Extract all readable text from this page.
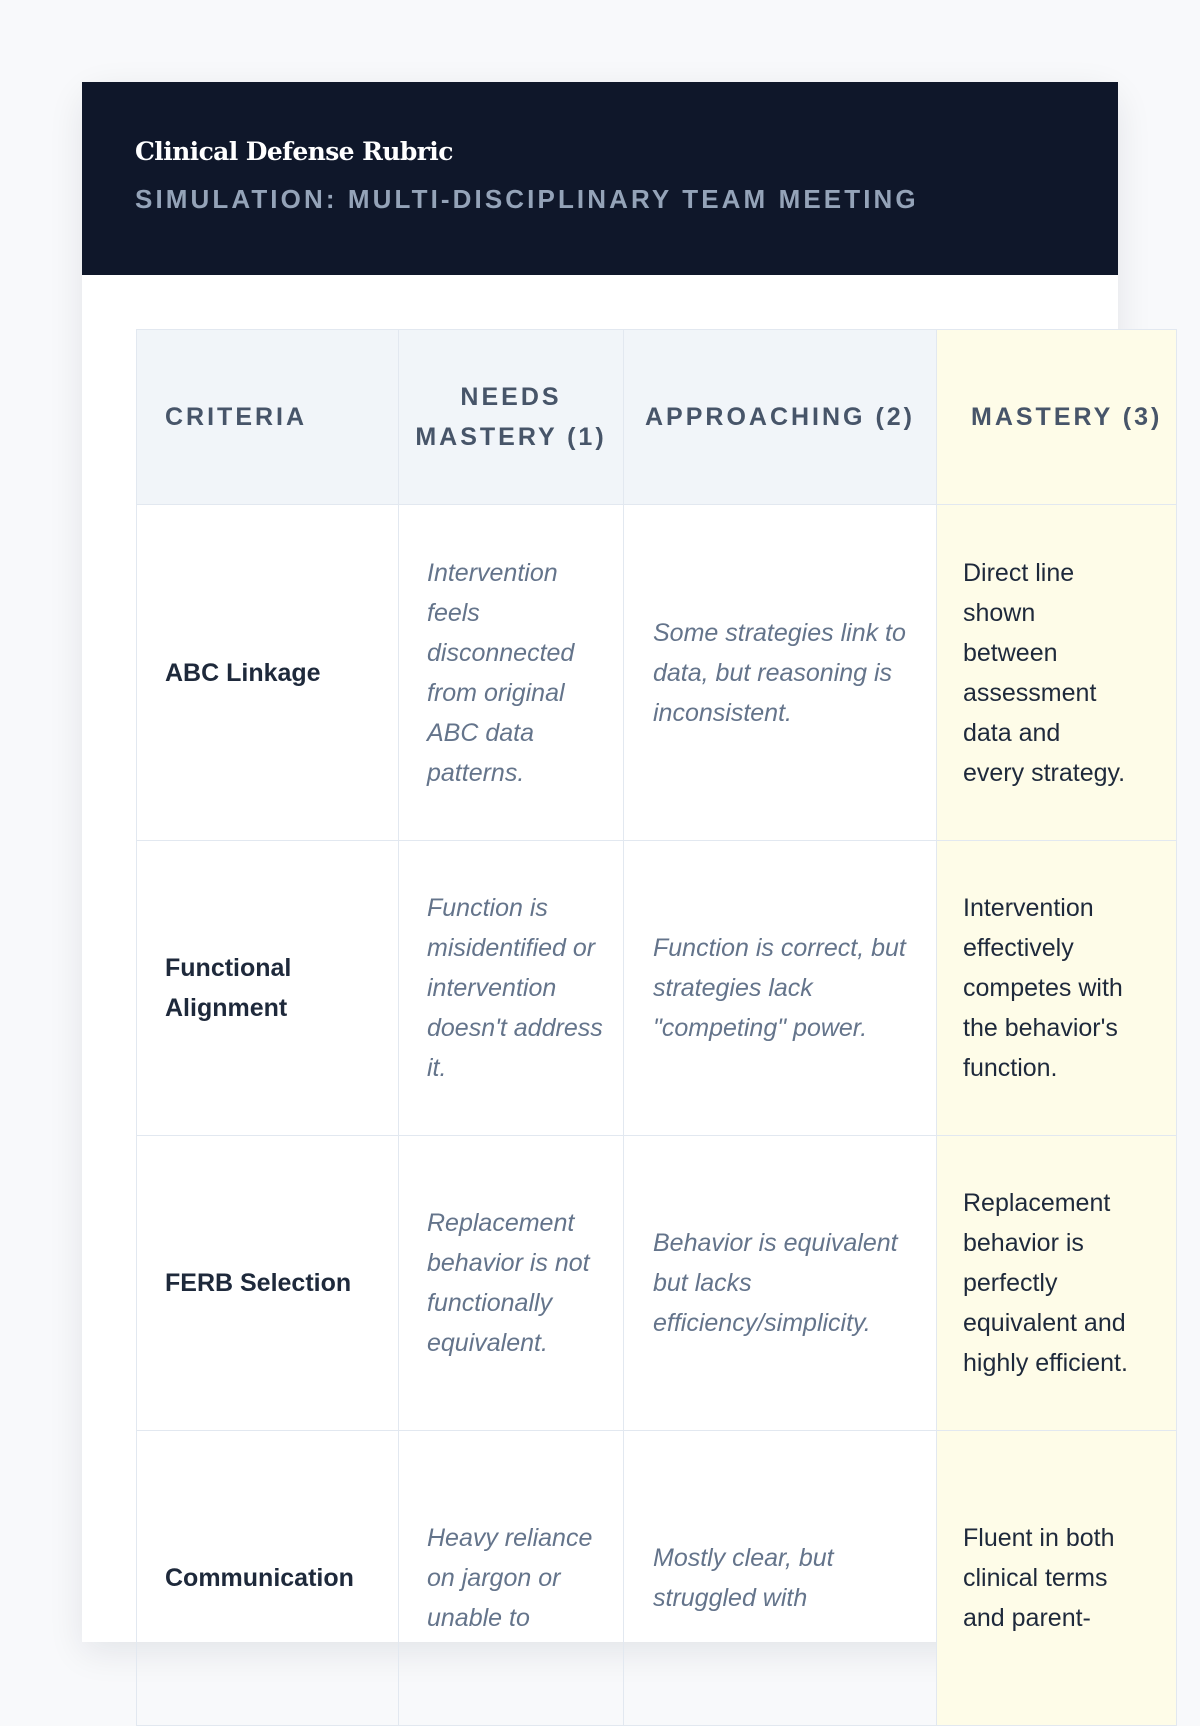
Clinical Defense Rubric
SIMULATION: MULTI-DISCIPLINARY TEAM MEETING
CRITERIA	NEEDS MASTERY (1)	APPROACHING (2)	MASTERY (3)
ABC Linkage	Intervention feels disconnected from original ABC data patterns.	Some strategies link to data, but reasoning is inconsistent.	Direct line shown between assessment data and every strategy.
Functional Alignment	Function is misidentified or intervention doesn't address it.	Function is correct, but strategies lack "competing" power.	Intervention effectively competes with the behavior's function.
FERB Selection	Replacement behavior is not functionally equivalent.	Behavior is equivalent but lacks efficiency/simplicity.	Replacement behavior is perfectly equivalent and highly efficient.
Communication	Heavy reliance on jargon or unable to	Mostly clear, but struggled with	Fluent in both clinical terms and parent-
